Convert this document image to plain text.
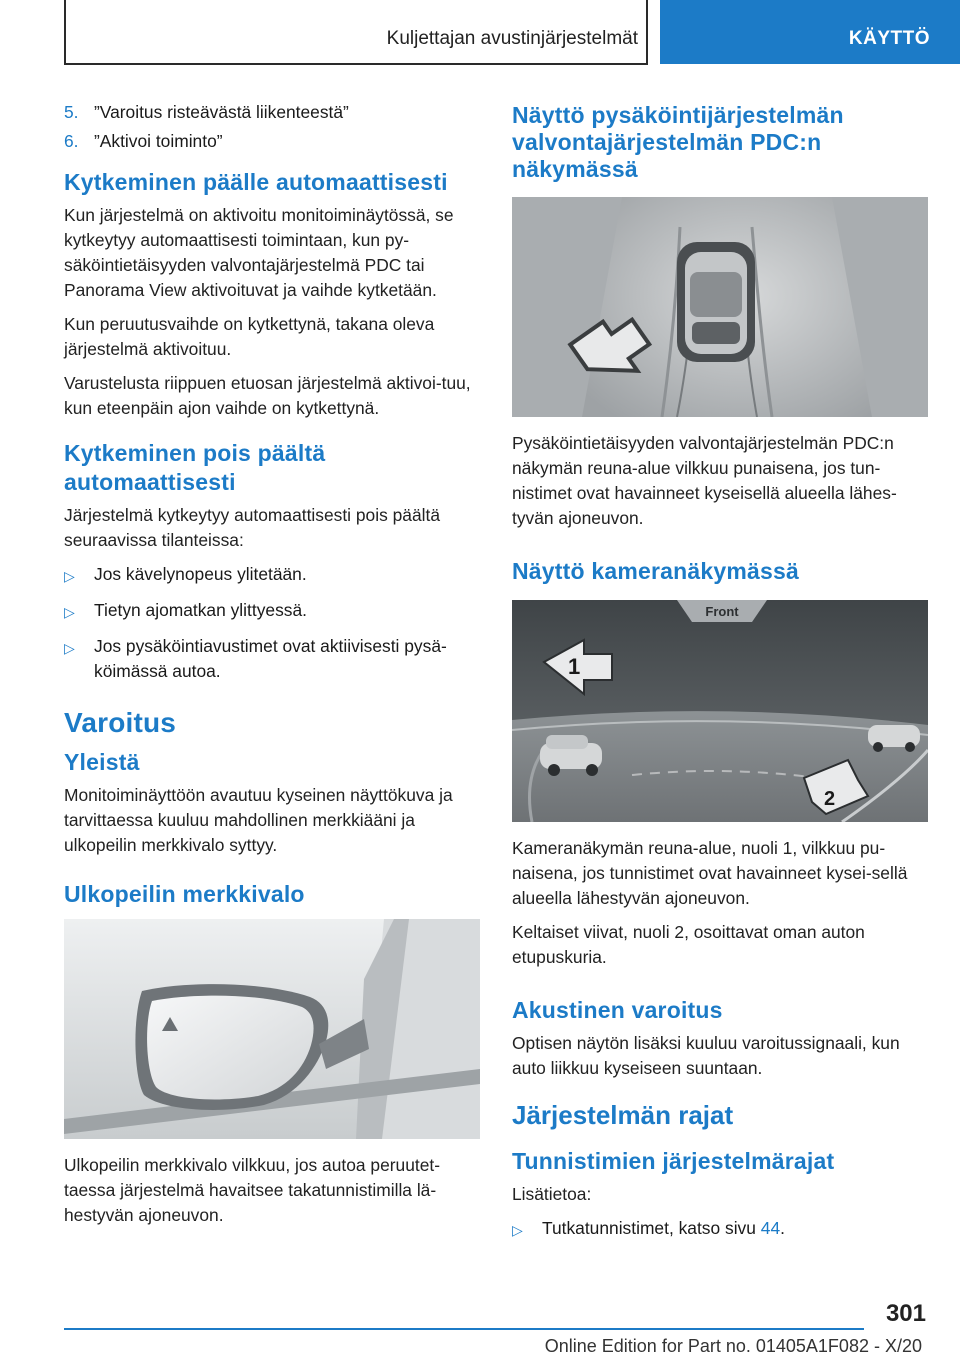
Kuljettajan avustinjärjestelmät	KÄYTTÖ
5. ”Varoitus risteävästä liikenteestä”
6. ”Aktivoi toiminto”
Kytkeminen päälle automaattisesti
Kun järjestelmä on aktivoitu monitoiminäytössä, se kytkeytyy automaattisesti toimintaan, kun py-säköintietäisyyden valvontajärjestelmä PDC tai Panorama View aktivoituvat ja vaihde kytketään.
Kun peruutusvaihde on kytkettynä, takana oleva järjestelmä aktivoituu.
Varustelusta riippuen etuosan järjestelmä aktivoi-tuu, kun eteenpäin ajon vaihde on kytkettynä.
Kytkeminen pois päältä automaattisesti
Järjestelmä kytkeytyy automaattisesti pois päältä seuraavissa tilanteissa:
▷	Jos kävelynopeus ylitetään.
▷	Tietyn ajomatkan ylittyessä.
▷	Jos pysäköintiavustimet ovat aktiivisesti pysä-köimässä autoa.
Varoitus
Yleistä
Monitoiminäyttöön avautuu kyseinen näyttökuva ja tarvittaessa kuuluu mahdollinen merkkiääni ja ulkopeilin merkkivalo syttyy.
Ulkopeilin merkkivalo
Ulkopeilin merkkivalo vilkkuu, jos autoa peruutet-taessa järjestelmä havaitsee takatunnistimilla lä-hestyvän ajoneuvon.
Näyttö pysäköintijärjestelmän valvontajärjestelmän PDC:n näkymässä
Pysäköintietäisyyden valvontajärjestelmän PDC:n näkymän reuna-alue vilkkuu punaisena, jos tun-nistimet ovat havainneet kyseisellä alueella lähes-tyvän ajoneuvon.
Näyttö kameranäkymässä
Front
1
2
Kameranäkymän reuna-alue, nuoli 1, vilkkuu pu-naisena, jos tunnistimet ovat havainneet kysei-sellä alueella lähestyvän ajoneuvon.
Keltaiset viivat, nuoli 2, osoittavat oman auton etupuskuria.
Akustinen varoitus
Optisen näytön lisäksi kuuluu varoitussignaali, kun auto liikkuu kyseiseen suuntaan.
Järjestelmän rajat
Tunnistimien järjestelmärajat
Lisätietoa:
▷	Tutkatunnistimet, katso sivu 44.
301
Online Edition for Part no. 01405A1F082 - X/20
